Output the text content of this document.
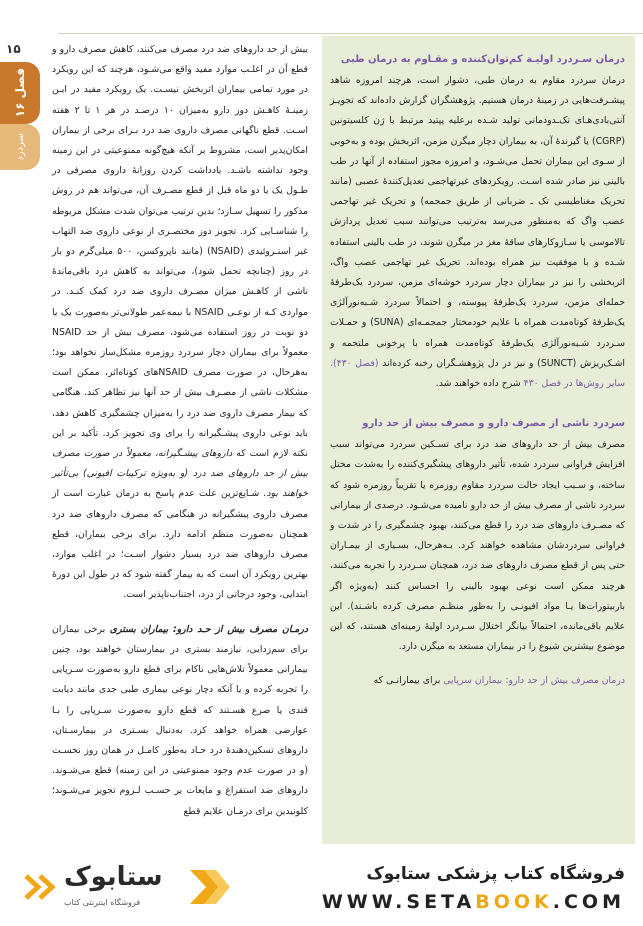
۱۵
فصل ۱۶
سردرد

بیش از حد داروهای ضد درد مصرف می‌کنند، کاهش مصرف دارو و قطع آن در اغلـب موارد مفید واقع می‌شـود، هرچند که این رویکرد در مورد تمامی بیماران اثربخش نیسـت. یک رویکرد مفید در ایـن زمینـهٔ کاهـش دوز دارو به‌میزان ۱۰ درصـد در هر ۱ تا ۲ هفته اسـت. قطع ناگهانی مصرف داروی ضد درد بـرای برخی از بیماران امکان‌پذیر است، مشروط بر آنکه هیچ‌گونه ممنوعیتی در این زمینه وجود نداشته باشـد. یادداشت کردن روزانهٔ داروی مصرفی در طـول یک یا دو ماه قبل از قطع مصـرف آن، می‌تواند هم در روش مذکور را تسهیل سـازد؛ بدین ترتیب می‌توان شدت مشکل مربوطه را شناسـایی کرد. تجویز دوز مختصـری از نوعی داروی ضد التهاب غیر استـروئیدی (NSAID) (مانند ناپروکسن، ۵۰۰ میلی‌گرم دو بار در روز (چنانچه تحمل شود)، می‌تواند به کاهش درد باقی‌ماندهٔ ناشی از کاهـش میزان مصـرف داروی ضد درد کمک کنـد. در مواردی کـه از نوعـی NSAID با نیمه‌عمر طولانی‌تر به‌صورت یک یا دو نوبت در روز استفاده می‌شود، مصرف بیش از حد NSAID معمولاً برای بیماران دچار سردرد روزمره مشکل‌ساز نخواهد بود؛ به‌هرحال، در صورت مصرف NSAIDهای کوتاه‌اثر، ممکن است مشکلات ناشی از مصـرف بیش از حد آنها نیز تظاهر کند. هنگامی که بیمار مصرف داروی ضد درد را به‌میزان چشمگیری کاهش دهد، باید نوعی داروی پیشـگیرانه را برای وی تجویز کرد. تأکید بر این نکته لازم است که داروهای پیشـگیرانه، معمولاً در صورت مصرف بیش از حد داروهای ضد درد (و به‌ویژه ترکیبات افیونی) بی‌تأثیر خواهند بود. شـایع‌ترین علت عدم پاسخ به درمان عبارت است از مصرف داروی پیشگیرانه در هنگامی که مصرف داروهای ضد درد همچنان به‌صورت منظم ادامه دارد. برای برخی بیماران، قطع مصرف داروهای ضد درد بسیار دشوار اسـت؛ در اغلب موارد، بهترین رویکرد آن است که به بیمار گفته شود که در طول این دورهٔ ابتدایی، وجود درجاتی از درد، اجتناب‌ناپذیر است.

درمـان مصرف بیش از حـد دارو: بیماران بستری برخی بیماران برای سم‌زدایی، نیازمند بستری در بیمارستان خواهند بود، چنین بیمارانی معمولاً تلاش‌هایی ناکام برای قطع دارو به‌صورت سـرپایی را تجربه کرده و یا آنکه دچار نوعی بیماری طبی جدی مانند دیابت قندی یا صرع هسـتند که قطع دارو به‌صورت سـرپایی را بـا عوارضی همراه خواهد کرد. به‌دنبال بسـتری در بیمارسـتان، داروهای تسکین‌دهندهٔ درد حـاد به‌طور کامـل در همان روز نخسـت (و در صورت عدم وجود ممنوعیتی در این زمینه) قطع می‌شـوند. داروهای ضد استفراغ و مایعات بر حسـب لـزوم تجویز می‌شـوند؛ کلونیدین برای درمـان علایم قطع

درمان سـردرد اولیـة کم‌توان‌کننده و مقـاوم به درمان طبی

درمان سردرد مقاوم به درمان طبی، دشوار است، هرچند امروزه شاهد پیشـرفت‌هایی در زمینهٔ درمان هستیم. پژوهشگران گزارش داده‌اند که تجویـز آنتی‌بادی‌هـای تک‌ـدودمانی تولید شـده برعلیه پپتید مرتبط با ژن کلسیتونین (CGRP) یا گیرندهٔ آن، به بیماران دچار میگرن مزمن، اثربخش بوده و به‌خوبی از سـوی این بیماران تحمل می‌شـود، و امروزه مجوز استفاده از آنها در طب بالینی نیز صادر شده اسـت. رویکردهای غیرتهاجمی تعدیل‌کنندهٔ عصبی (مانند تحریک مغناطیسی تک‌ ـ ضربانی از طریق جمجمه) و تحریک غیر تهاجمی عصب واگ که به‌منظور می‌رسد به‌ترتیب می‌توانند سبب تعدیل پردازش تالاموسی یا سـازوکارهای ساقهٔ مغز در میگرن شوند، در طب بالینی استفاده شـده و با موفقیت نیز همراه بوده‌اند. تحریک غیر تهاجمی عصب واگ، اثربخشی را نیز در بیماران دچار سردرد خوشه‌ای مزمن، سردرد یک‌طرفهٔ حمله‌ای مزمن، سردرد یک‌طرفهٔ پیوسته، و احتمالاً سردرد شـبه‌نورآلژی یک‌طرفهٔ کوتاه‌مدت همراه با علایم خودمختار جمجمـه‌ای (SUNA) و حمـلات سـردرد شـبه‌نورآلژی یک‌طرفهٔ کوتاه‌مدت همراه با پرخونی ملتحمه و اشـک‌ریزش (SUNCT) و نیز در دل پژوهشـگران رخنه کرده‌اند (فصل ۴۳۰). سایر روش‌ها در فصل ۴۳۰ شرح داده خواهند شد.

سردرد ناشی از مصرف دارو و مصرف بیش از حد دارو

مصرف بیش از حد داروهای ضد درد برای تسـکین سردرد می‌تواند سبب افزایش فراوانی سردرد شده، تأثیر داروهای پیشگیری‌کننده را به‌شدت مختل ساخته، و سـبب ایجاد حالت سردرد مقاوم روزمره یا تقریباً روزمره شود که سردرد ناشی از مصرف بیش از حد دارو نامیده می‌شـود. درصدی از بیمارانی که مصـرف داروهای ضد درد را قطع می‌کنند، بهبود چشمگیری را در شدت و فراوانی سردردشان مشاهده خواهند کرد. بـه‌هرحال، بسـیاری از بیمـاران حتی پس از قطع مصرف داروهای ضد درد، همچنان سـردرد را تجربه می‌کنند، هرچند ممکن است نوعی بهبود بالینی را احساس کنند (به‌ویژه اگر باربیتورات‌ها یـا مواد افیونـی را به‌طور منظـم مصرف کرده باشـند). این علایم باقی‌مانده، احتمالاً بیانگر اختلال سـردرد اولیهٔ زمینه‌ای هستند، که این موضوع بیشترین شیوع را در بیماران مستعد به میگرن دارد.

درمان مصرف بیش از حد دارو: بیماران سرپایی برای بیمارانـی که

ستابوک
فروشگاه اینترنتی کتاب
فروشگاه کتاب پزشکی ستابوک
WWW.SETABOOK.COM
